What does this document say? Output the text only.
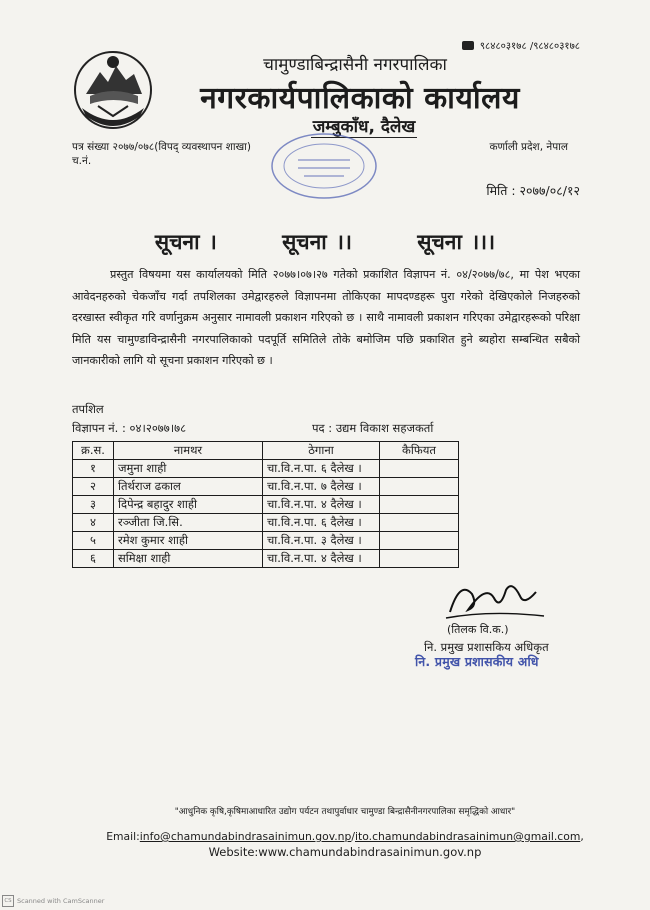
९८४८०३१७८ /९८४८०३१७८
चामुण्डाबिन्द्रासैनी नगरपालिका
नगरकार्यपालिकाको कार्यालय
जम्बुकाँध, दैलेख
पत्र संख्या २०७७/०७८(विपद् व्यवस्थापन शाखा)
च.नं.
कर्णाली प्रदेश, नेपाल
मिति : २०७७/०८/१२
सूचना ।	सूचना ।।	सूचना ।।।

प्रस्तुत विषयमा यस कार्यालयको मिति २०७७।०७।२७ गतेको प्रकाशित विज्ञापन नं. ०४/२०७७/७८, मा पेश भएका आवेदनहरुको चेकजाँच गर्दा तपशिलका उमेद्वारहरुले विज्ञापनमा तोकिएका मापदण्डहरू पुरा गरेको देखिएकोले निजहरुको दरखास्त स्वीकृत गरि वर्णानुक्रम अनुसार नामावली प्रकाशन गरिएको छ । साथै नामावली प्रकाशन गरिएका उमेद्वारहरूको परिक्षा मिति यस चामुण्डाविन्द्रासैनी नगरपालिकाको पदपूर्ति समितिले तोके बमोजिम पछि प्रकाशित हुने ब्यहोरा सम्बन्धित सबैको जानकारीको लागि यो सूचना प्रकाशन गरिएको छ ।

तपशिल
विज्ञापन नं. : ०४।२०७७।७८	पद : उद्यम विकाश सहजकर्ता
क्र.स.	नामथर	ठेगाना	कैफियत
१	जमुना शाही	चा.वि.न.पा. ६ दैलेख ।	
२	तिर्थराज ढकाल	चा.वि.न.पा. ७ दैलेख ।	
३	दिपेन्द्र बहादुर शाही	चा.वि.न.पा. ४ दैलेख ।	
४	रञ्जीता जि.सि.	चा.वि.न.पा. ६ दैलेख ।	
५	रमेश कुमार शाही	चा.वि.न.पा. ३ दैलेख ।	
६	समिक्षा शाही	चा.वि.न.पा. ४ दैलेख ।	
(तिलक वि.क.)
नि. प्रमुख प्रशासकिय अधिकृत
नि. प्रमुख प्रशासकीय अधि
"आधुनिक कृषि,कृषिमाआधारित उद्योग पर्यटन तथापुर्वाधार चामुण्डा बिन्द्रासैनीनगरपालिका समृद्धिको आधार"
Email:info@chamundabindrasainimun.gov.np/ito.chamundabindrasainimun@gmail.com,
Website:www.chamundabindrasainimun.gov.np
CS Scanned with CamScanner
